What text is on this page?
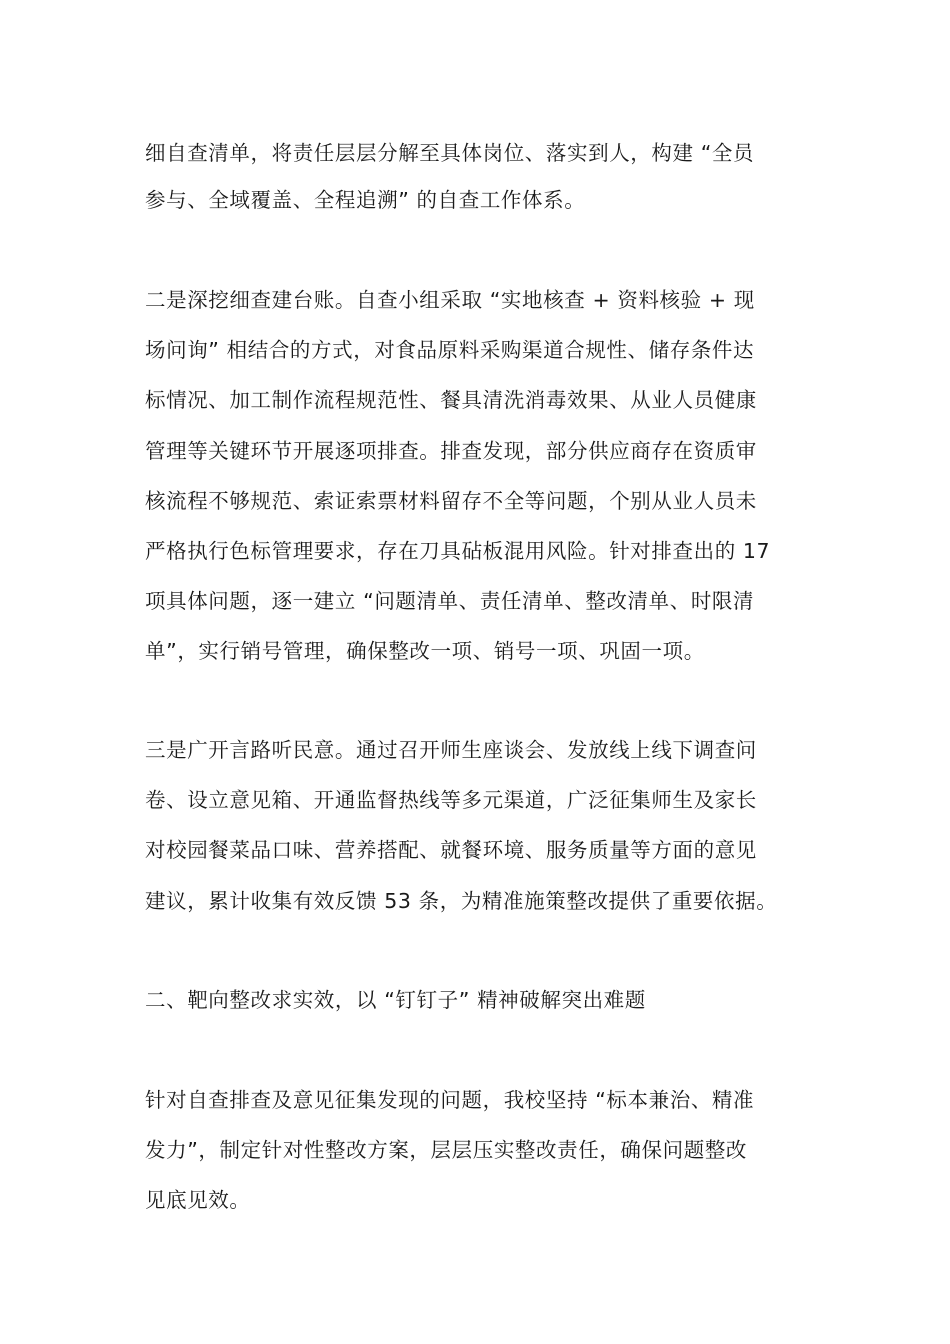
细自查清单，将责任层层分解至具体岗位、落实到人，构建 “全员
参与、全域覆盖、全程追溯” 的自查工作体系。
二是深挖细查建台账。自查小组采取 “实地核查 + 资料核验 + 现
场问询” 相结合的方式，对食品原料采购渠道合规性、储存条件达
标情况、加工制作流程规范性、餐具清洗消毒效果、从业人员健康
管理等关键环节开展逐项排查。排查发现，部分供应商存在资质审
核流程不够规范、索证索票材料留存不全等问题，个别从业人员未
严格执行色标管理要求，存在刀具砧板混用风险。针对排查出的 17
项具体问题，逐一建立 “问题清单、责任清单、整改清单、时限清
单”，实行销号管理，确保整改一项、销号一项、巩固一项。
三是广开言路听民意。通过召开师生座谈会、发放线上线下调查问
卷、设立意见箱、开通监督热线等多元渠道，广泛征集师生及家长
对校园餐菜品口味、营养搭配、就餐环境、服务质量等方面的意见
建议，累计收集有效反馈 53 条，为精准施策整改提供了重要依据。
二、靶向整改求实效，以 “钉钉子” 精神破解突出难题
针对自查排查及意见征集发现的问题，我校坚持 “标本兼治、精准
发力”，制定针对性整改方案，层层压实整改责任，确保问题整改
见底见效。
